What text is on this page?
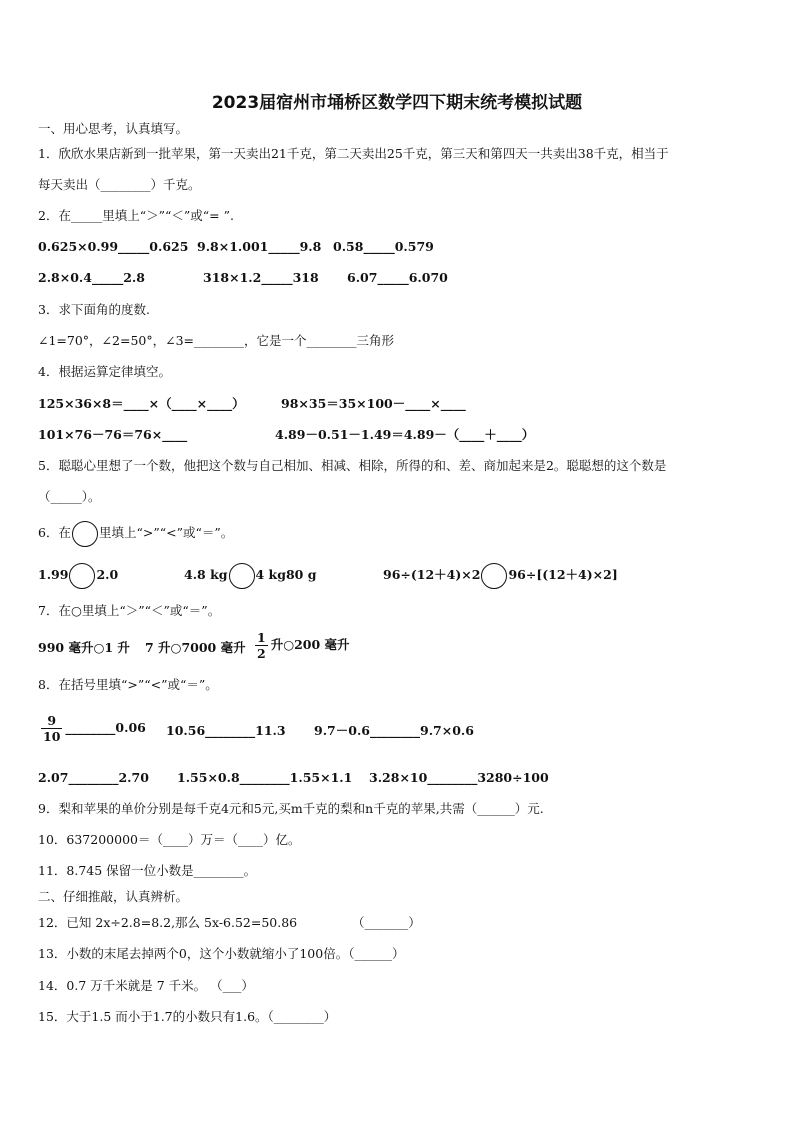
2023届宿州市埇桥区数学四下期末统考模拟试题
一、用心思考，认真填写。
1．欣欣水果店新到一批苹果，第一天卖出21千克，第二天卖出25千克，第三天和第四天一共卖出38千克，相当于
每天卖出（________）千克。
2．在_____里填上“＞”“＜”或“= ”.
0.625×0.99_____0.625 9.8×1.001_____9.8 0.58_____0.579
2.8×0.4_____2.8	318×1.2_____318 6.07_____6.070
3．求下面角的度数.
∠1=70°，∠2=50°，∠3=________，它是一个________三角形
4．根据运算定律填空。
125×36×8＝____×（____×____）	98×35＝35×100－____×____
101×76－76＝76×____	4.89－0.51－1.49＝4.89－（____＋____）
5．聪聪心里想了一个数，他把这个数与自己相加、相减、相除，所得的和、差、商加起来是2。聪聪想的这个数是
（_____）。
6．在 里填上“>”“<”或“＝”。
1.99 2.0	4.8 kg 4 kg80 g	96÷(12＋4)×2 96÷[(12＋4)×2]
7．在○里填上“＞”“＜”或“＝”。
990 毫升○1 升 7 升○7000 毫升 $\frac{1}{2}$ 升○200 毫升
8．在括号里填“>”“<”或“＝”。
$\frac{9}{10}$ ________0.06 10.56________11.3 9.7－0.6________9.7×0.6
2.07________2.70 1.55×0.8________1.55×1.1 3.28×10________3280÷100
9．梨和苹果的单价分别是每千克4元和5元,买m千克的梨和n千克的苹果,共需（______）元.
10．637200000＝（____）万＝（____）亿。
11．8.745 保留一位小数是________。
二、仔细推敲，认真辨析。
12．已知 2x÷2.8=8.2,那么 5x-6.52=50.86	（_______）
13．小数的末尾去掉两个0，这个小数就缩小了100倍。（______）
14．0.7 万千米就是 7 千米。 （___）
15．大于1.5 而小于1.7的小数只有1.6。（________）
